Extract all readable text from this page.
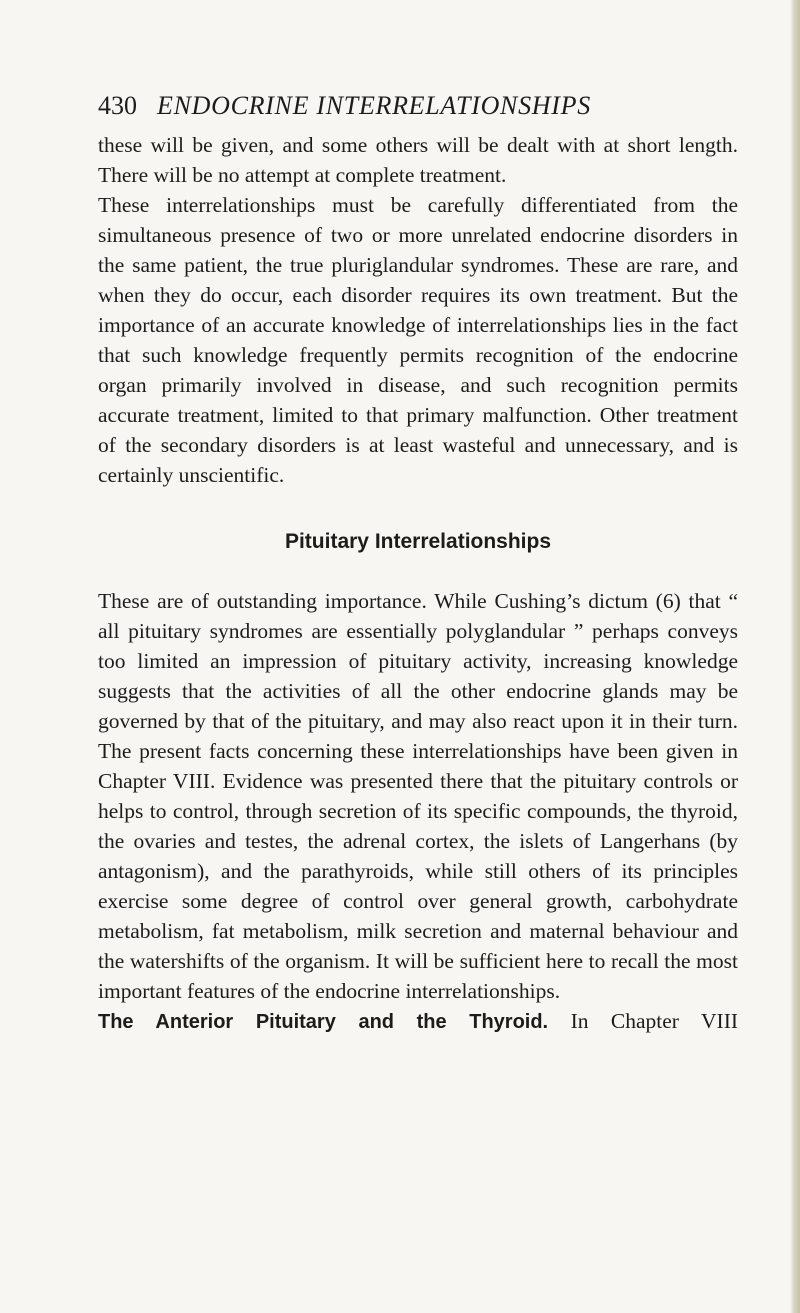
430 ENDOCRINE INTERRELATIONSHIPS

these will be given, and some others will be dealt with at short length. There will be no attempt at complete treatment.

These interrelationships must be carefully differentiated from the simultaneous presence of two or more unrelated endocrine disorders in the same patient, the true pluriglandular syndromes. These are rare, and when they do occur, each disorder requires its own treatment. But the importance of an accurate knowledge of interrelationships lies in the fact that such knowledge frequently permits recognition of the endocrine organ primarily involved in disease, and such recognition permits accurate treatment, limited to that primary malfunction. Other treatment of the secondary disorders is at least wasteful and unnecessary, and is certainly unscientific.

Pituitary Interrelationships

These are of outstanding importance. While Cushing’s dictum (6) that “ all pituitary syndromes are essentially polyglandular ” perhaps conveys too limited an impression of pituitary activity, increasing knowledge suggests that the activities of all the other endocrine glands may be governed by that of the pituitary, and may also react upon it in their turn. The present facts concerning these interrelationships have been given in Chapter VIII. Evidence was presented there that the pituitary controls or helps to control, through secretion of its specific compounds, the thyroid, the ovaries and testes, the adrenal cortex, the islets of Langerhans (by antagonism), and the parathyroids, while still others of its principles exercise some degree of control over general growth, carbohydrate metabolism, fat metabolism, milk secretion and maternal behaviour and the watershifts of the organism. It will be sufficient here to recall the most important features of the endocrine interrelationships.

The Anterior Pituitary and the Thyroid. In Chapter VIII
